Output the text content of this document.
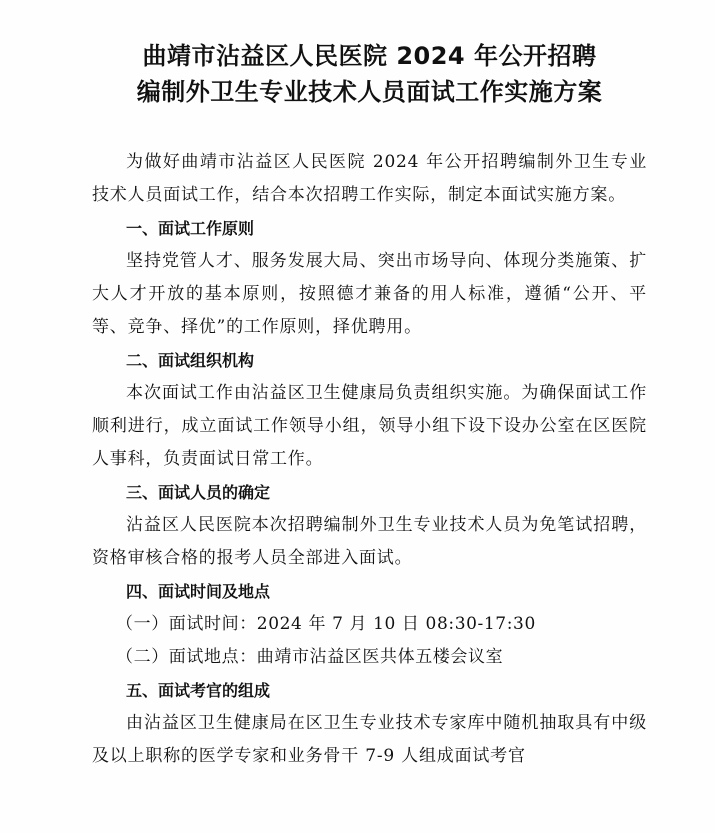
曲靖市沾益区人民医院 2024 年公开招聘
编制外卫生专业技术人员面试工作实施方案

为做好曲靖市沾益区人民医院 2024 年公开招聘编制外卫生专业技术人员面试工作，结合本次招聘工作实际，制定本面试实施方案。

一、面试工作原则

坚持党管人才、服务发展大局、突出市场导向、体现分类施策、扩大人才开放的基本原则，按照德才兼备的用人标准，遵循“公开、平等、竞争、择优”的工作原则，择优聘用。

二、面试组织机构

本次面试工作由沾益区卫生健康局负责组织实施。为确保面试工作顺利进行，成立面试工作领导小组，领导小组下设下设办公室在区医院人事科，负责面试日常工作。

三、面试人员的确定

沾益区人民医院本次招聘编制外卫生专业技术人员为免笔试招聘，资格审核合格的报考人员全部进入面试。

四、面试时间及地点

（一）面试时间：2024 年 7 月 10 日 08:30-17:30

（二）面试地点：曲靖市沾益区医共体五楼会议室

五、面试考官的组成

由沾益区卫生健康局在区卫生专业技术专家库中随机抽取具有中级及以上职称的医学专家和业务骨干 7-9 人组成面试考官
